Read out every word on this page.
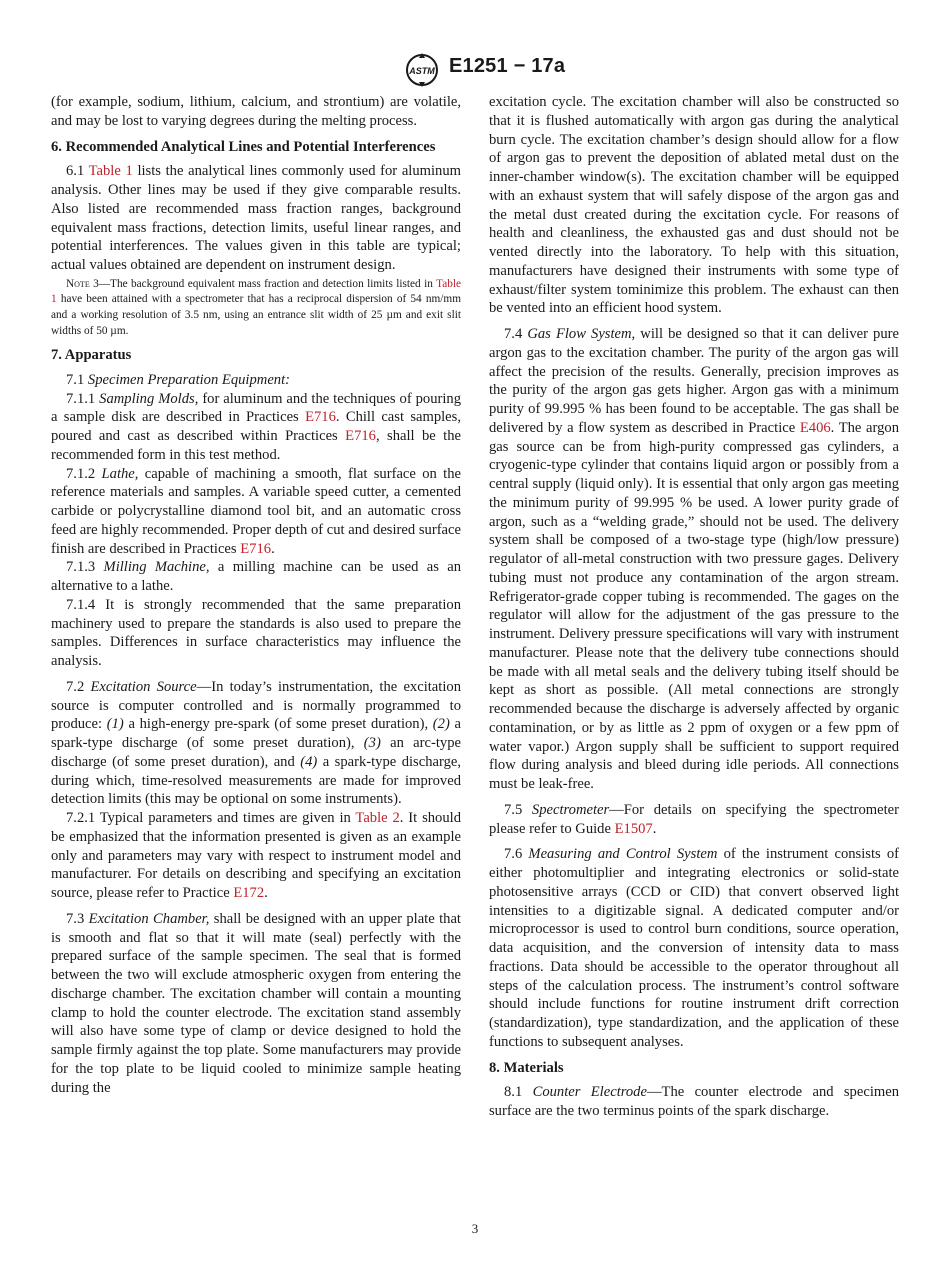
ASTM E1251 − 17a

(for example, sodium, lithium, calcium, and strontium) are volatile, and may be lost to varying degrees during the melting process.

6. Recommended Analytical Lines and Potential Interferences

6.1 Table 1 lists the analytical lines commonly used for aluminum analysis. Other lines may be used if they give comparable results. Also listed are recommended mass fraction ranges, background equivalent mass fractions, detection limits, useful linear ranges, and potential interferences. The values given in this table are typical; actual values obtained are dependent on instrument design.

Note 3—The background equivalent mass fraction and detection limits listed in Table 1 have been attained with a spectrometer that has a reciprocal dispersion of 54 nm/mm and a working resolution of 3.5 nm, using an entrance slit width of 25 µm and exit slit widths of 50 µm.

7. Apparatus

7.1 Specimen Preparation Equipment:

7.1.1 Sampling Molds, for aluminum and the techniques of pouring a sample disk are described in Practices E716. Chill cast samples, poured and cast as described within Practices E716, shall be the recommended form in this test method.

7.1.2 Lathe, capable of machining a smooth, flat surface on the reference materials and samples. A variable speed cutter, a cemented carbide or polycrystalline diamond tool bit, and an automatic cross feed are highly recommended. Proper depth of cut and desired surface finish are described in Practices E716.

7.1.3 Milling Machine, a milling machine can be used as an alternative to a lathe.

7.1.4 It is strongly recommended that the same preparation machinery used to prepare the standards is also used to prepare the samples. Differences in surface characteristics may influence the analysis.

7.2 Excitation Source—In today’s instrumentation, the excitation source is computer controlled and is normally programmed to produce: (1) a high-energy pre-spark (of some preset duration), (2) a spark-type discharge (of some preset duration), (3) an arc-type discharge (of some preset duration), and (4) a spark-type discharge, during which, time-resolved measurements are made for improved detection limits (this may be optional on some instruments).

7.2.1 Typical parameters and times are given in Table 2. It should be emphasized that the information presented is given as an example only and parameters may vary with respect to instrument model and manufacturer. For details on describing and specifying an excitation source, please refer to Practice E172.

7.3 Excitation Chamber, shall be designed with an upper plate that is smooth and flat so that it will mate (seal) perfectly with the prepared surface of the sample specimen. The seal that is formed between the two will exclude atmospheric oxygen from entering the discharge chamber. The excitation chamber will contain a mounting clamp to hold the counter electrode. The excitation stand assembly will also have some type of clamp or device designed to hold the sample firmly against the top plate. Some manufacturers may provide for the top plate to be liquid cooled to minimize sample heating during the

excitation cycle. The excitation chamber will also be constructed so that it is flushed automatically with argon gas during the analytical burn cycle. The excitation chamber’s design should allow for a flow of argon gas to prevent the deposition of ablated metal dust on the inner-chamber window(s). The excitation chamber will be equipped with an exhaust system that will safely dispose of the argon gas and the metal dust created during the excitation cycle. For reasons of health and cleanliness, the exhausted gas and dust should not be vented directly into the laboratory. To help with this situation, manufacturers have designed their instruments with some type of exhaust/filter system tominimize this problem. The exhaust can then be vented into an efficient hood system.

7.4 Gas Flow System, will be designed so that it can deliver pure argon gas to the excitation chamber. The purity of the argon gas will affect the precision of the results. Generally, precision improves as the purity of the argon gas gets higher. Argon gas with a minimum purity of 99.995 % has been found to be acceptable. The gas shall be delivered by a flow system as described in Practice E406. The argon gas source can be from high-purity compressed gas cylinders, a cryogenic-type cylinder that contains liquid argon or possibly from a central supply (liquid only). It is essential that only argon gas meeting the minimum purity of 99.995 % be used. A lower purity grade of argon, such as a “welding grade,” should not be used. The delivery system shall be composed of a two-stage type (high/low pressure) regulator of all-metal construction with two pressure gages. Delivery tubing must not produce any contamination of the argon stream. Refrigerator-grade copper tubing is recommended. The gages on the regulator will allow for the adjustment of the gas pressure to the instrument. Delivery pressure specifications will vary with instrument manufacturer. Please note that the delivery tube connections should be made with all metal seals and the delivery tubing itself should be kept as short as possible. (All metal connections are strongly recommended because the discharge is adversely affected by organic contamination, or by as little as 2 ppm of oxygen or a few ppm of water vapor.) Argon supply shall be sufficient to support required flow during analysis and bleed during idle periods. All connections must be leak-free.

7.5 Spectrometer—For details on specifying the spectrometer please refer to Guide E1507.

7.6 Measuring and Control System of the instrument consists of either photomultiplier and integrating electronics or solid-state photosensitive arrays (CCD or CID) that convert observed light intensities to a digitizable signal. A dedicated computer and/or microprocessor is used to control burn conditions, source operation, data acquisition, and the conversion of intensity data to mass fractions. Data should be accessible to the operator throughout all steps of the calculation process. The instrument’s control software should include functions for routine instrument drift correction (standardization), type standardization, and the application of these functions to subsequent analyses.

8. Materials

8.1 Counter Electrode—The counter electrode and specimen surface are the two terminus points of the spark discharge.

3
